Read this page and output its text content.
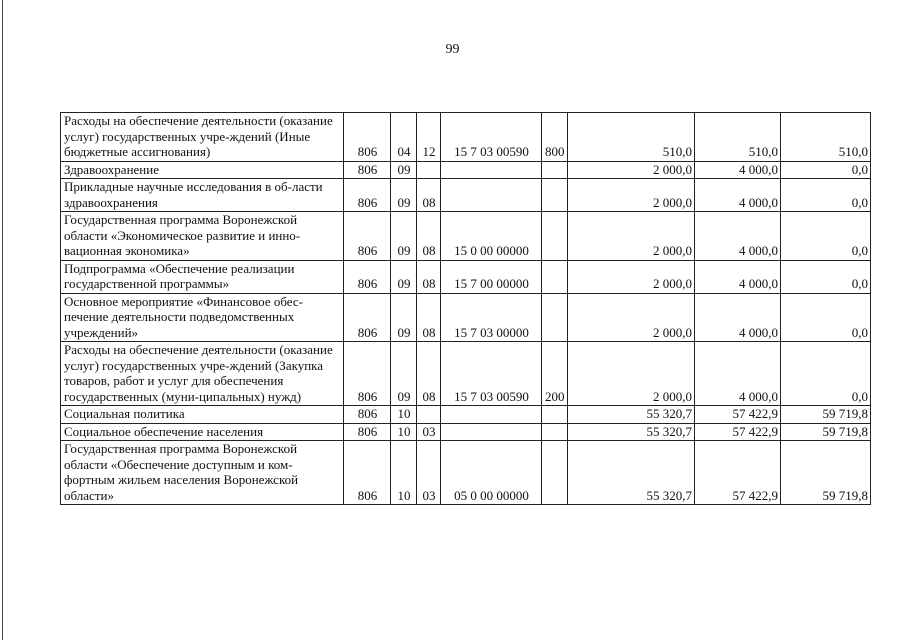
99
Расходы на обеспечение деятельности (оказание услуг) государственных учре-ждений (Иные бюджетные ассигнования)	806	04	12	15 7 03 00590	800	510,0	510,0	510,0
Здравоохранение	806	09				2 000,0	4 000,0	0,0
Прикладные научные исследования в об-ласти здравоохранения	806	09	08			2 000,0	4 000,0	0,0
Государственная программа Воронежской области «Экономическое развитие и инно-вационная экономика»	806	09	08	15 0 00 00000		2 000,0	4 000,0	0,0
Подпрограмма «Обеспечение реализации государственной программы»	806	09	08	15 7 00 00000		2 000,0	4 000,0	0,0
Основное мероприятие «Финансовое обес-печение деятельности подведомственных учреждений»	806	09	08	15 7 03 00000		2 000,0	4 000,0	0,0
Расходы на обеспечение деятельности (оказание услуг) государственных учре-ждений (Закупка товаров, работ и услуг для обеспечения государственных (муни-ципальных) нужд)	806	09	08	15 7 03 00590	200	2 000,0	4 000,0	0,0
Социальная политика	806	10				55 320,7	57 422,9	59 719,8
Социальное обеспечение населения	806	10	03			55 320,7	57 422,9	59 719,8
Государственная программа Воронежской области «Обеспечение доступным и ком-фортным жильем населения Воронежской области»	806	10	03	05 0 00 00000		55 320,7	57 422,9	59 719,8
